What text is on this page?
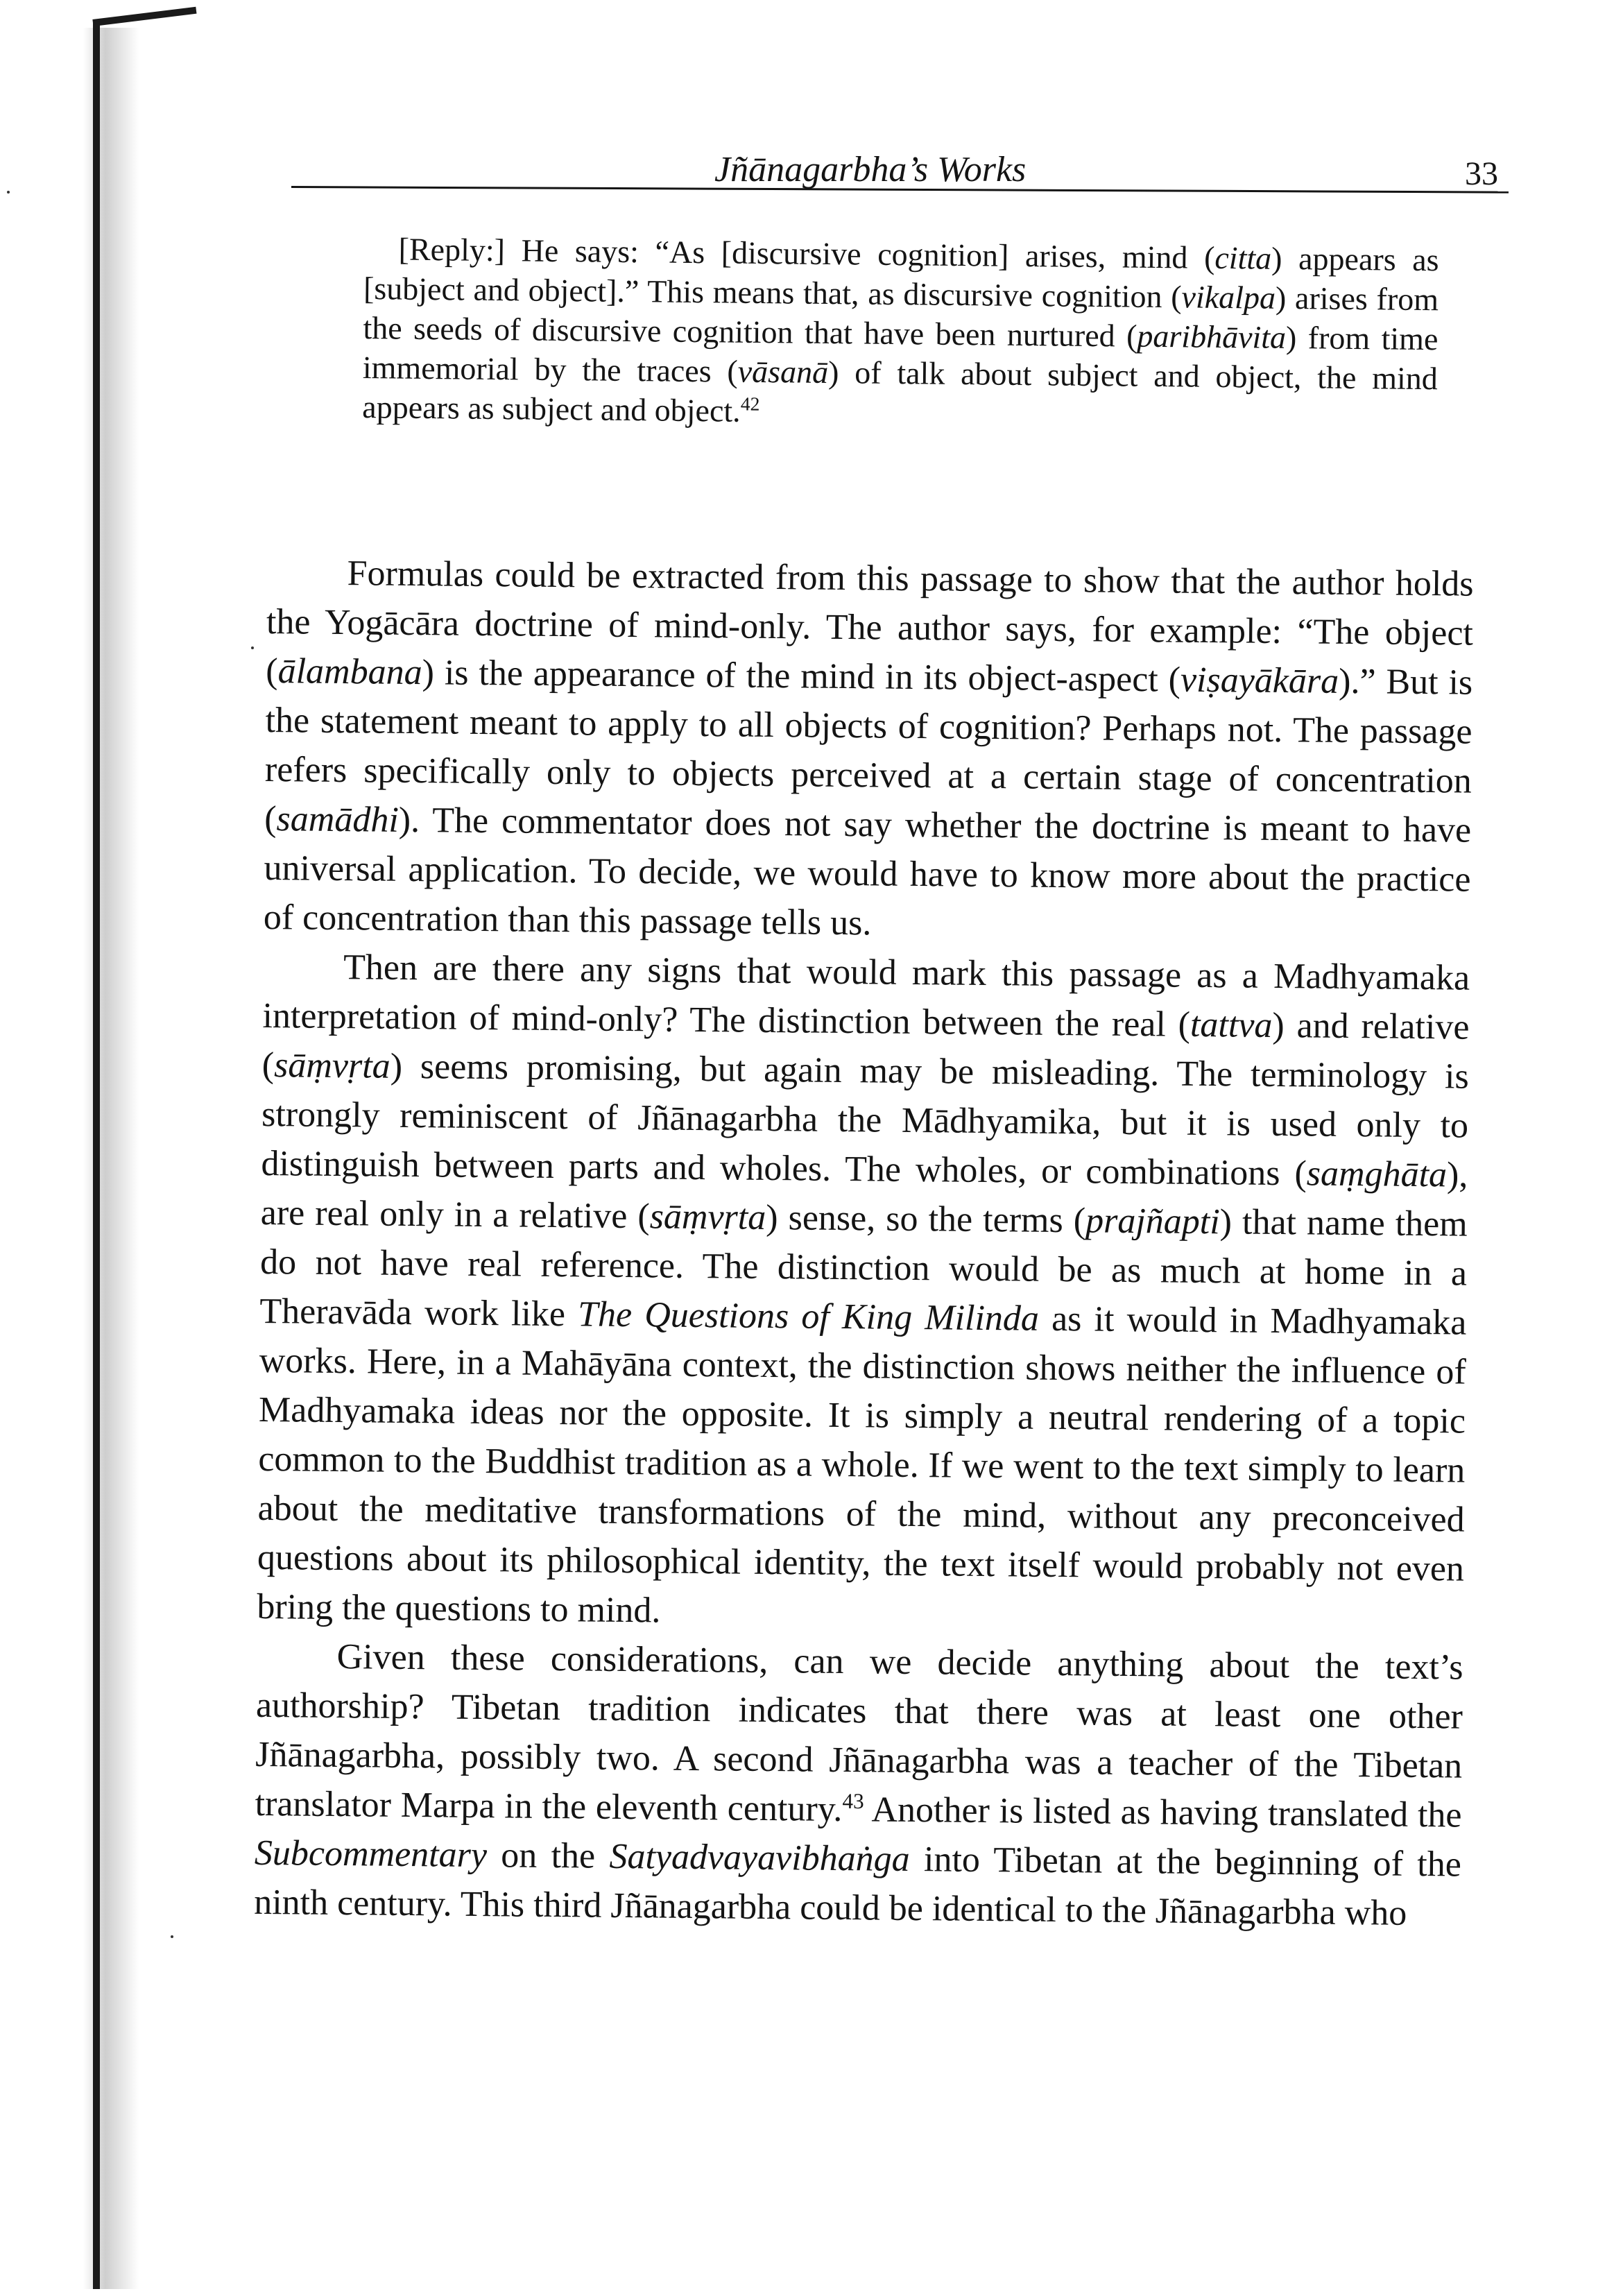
Jñānagarbha’s Works	33
[Reply:] He says: “As [discursive cognition] arises, mind (citta) appears as [subject and object].” This means that, as discursive cognition (vikalpa) arises from the seeds of discursive cognition that have been nurtured (paribhāvita) from time immemorial by the traces (vāsanā) of talk about subject and object, the mind appears as subject and object.$^{42}$

Formulas could be extracted from this passage to show that the author holds the Yogācāra doctrine of mind-only. The author says, for example: “The object (ālambana) is the appearance of the mind in its object-aspect (viṣayākāra).” But is the statement meant to apply to all objects of cognition? Perhaps not. The passage refers specifically only to objects perceived at a certain stage of concentration (samādhi). The commentator does not say whether the doctrine is meant to have universal application. To decide, we would have to know more about the practice of concentration than this passage tells us.

Then are there any signs that would mark this passage as a Madhyamaka interpretation of mind-only? The distinction between the real (tattva) and relative (sāṃvṛta) seems promising, but again may be misleading. The terminology is strongly reminiscent of Jñānagarbha the Mādhyamika, but it is used only to distinguish between parts and wholes. The wholes, or combinations (saṃghāta), are real only in a relative (sāṃvṛta) sense, so the terms (prajñapti) that name them do not have real reference. The distinction would be as much at home in a Theravāda work like The Questions of King Milinda as it would in Madhyamaka works. Here, in a Mahāyāna context, the distinction shows neither the influence of Madhyamaka ideas nor the opposite. It is simply a neutral rendering of a topic common to the Buddhist tradition as a whole. If we went to the text simply to learn about the meditative transformations of the mind, without any preconceived questions about its philosophical identity, the text itself would probably not even bring the questions to mind.

Given these considerations, can we decide anything about the text’s authorship? Tibetan tradition indicates that there was at least one other Jñānagarbha, possibly two. A second Jñānagarbha was a teacher of the Tibetan translator Marpa in the eleventh century.$^{43}$ Another is listed as having translated the Subcommentary on the Satyadvayavibhaṅga into Tibetan at the beginning of the ninth century. This third Jñānagarbha could be identical to the Jñānagarbha who
